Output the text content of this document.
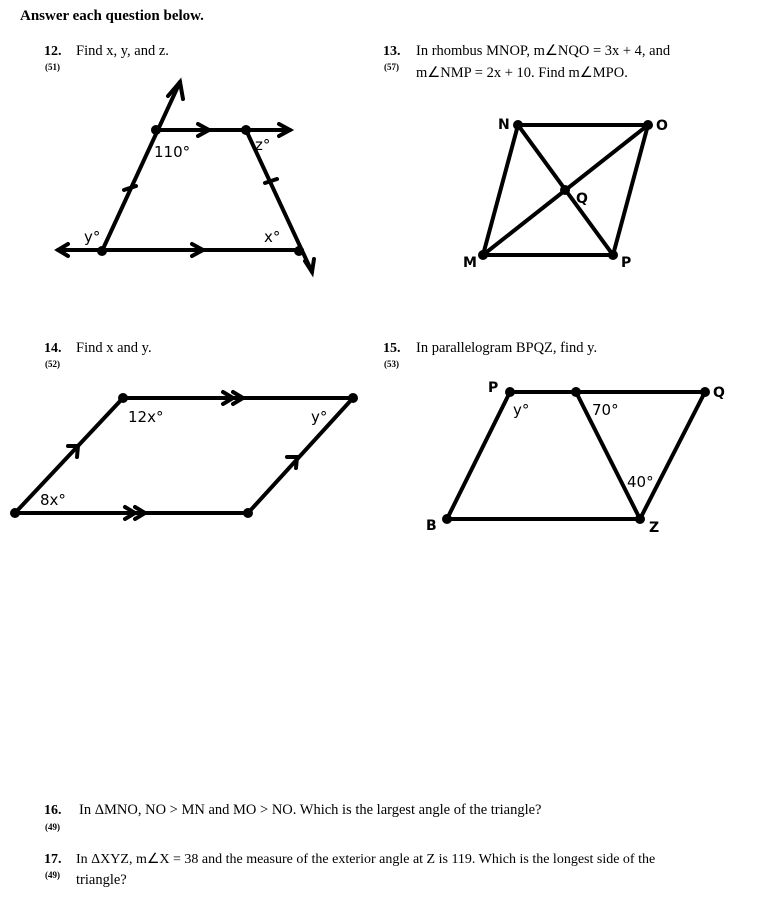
Answer each question below.
12.
(51)
Find x, y, and z.	13.
(57)
In rhombus MNOP, m∠NQO = 3x + 4, and
m∠NMP = 2x + 10. Find m∠MPO.
14.
(52)
Find x and y.	15.
(53)
In parallelogram BPQZ, find y.
16.
(49)
In ΔMNO, NO > MN and MO > NO. Which is the largest angle of the triangle?
17.
(49)
In ΔXYZ, m∠X = 38 and the measure of the exterior angle at Z is 119. Which is the longest side of the
triangle?
110°	z°
y°	x°
N	O
M	P
Q
12x°	y°
8x°
P	Q
B	Z
y°	70°
40°
